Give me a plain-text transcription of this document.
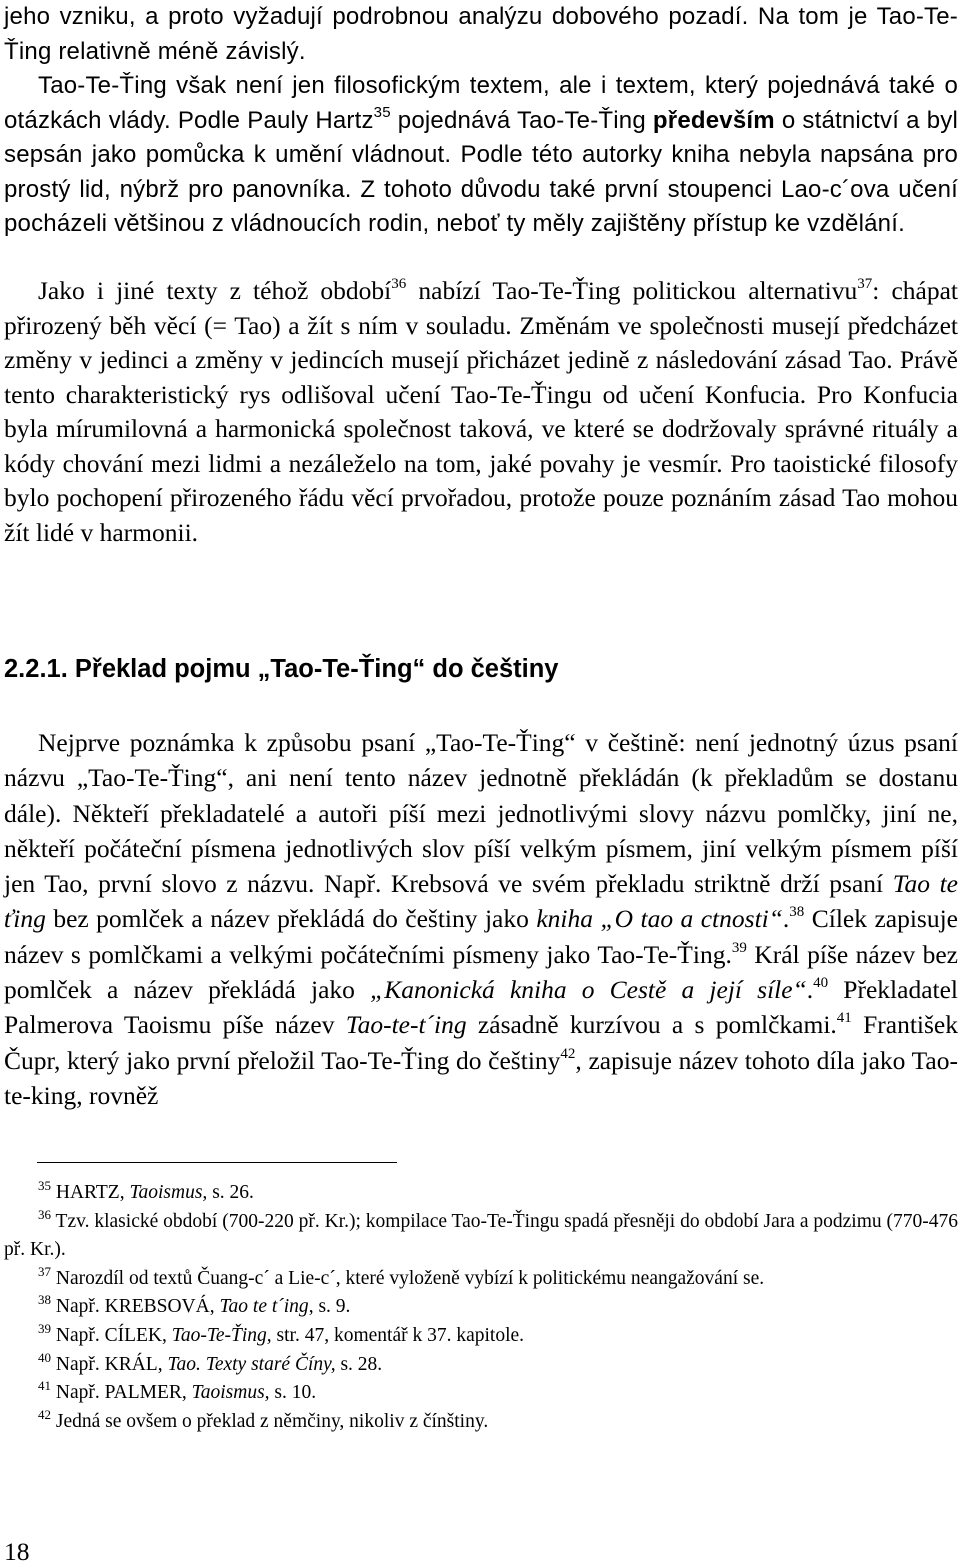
jeho vzniku, a proto vyžadují podrobnou analýzu dobového pozadí. Na tom je Tao-Te-Ťing relativně méně závislý.

Tao-Te-Ťing však není jen filosofickým textem, ale i textem, který pojednává také o otázkách vlády. Podle Pauly Hartz$^{35}$ pojednává Tao-Te-Ťing především o státnictví a byl sepsán jako pomůcka k umění vládnout. Podle této autorky kniha nebyla napsána pro prostý lid, nýbrž pro panovníka. Z tohoto důvodu také první stoupenci Lao-c´ova učení pocházeli většinou z vládnoucích rodin, neboť ty měly zajištěny přístup ke vzdělání.

Jako i jiné texty z téhož období$^{36}$ nabízí Tao-Te-Ťing politickou alternativu$^{37}$: chápat přirozený běh věcí (= Tao) a žít s ním v souladu. Změnám ve společnosti musejí předcházet změny v jedinci a změny v jedincích musejí přicházet jedině z následování zásad Tao. Právě tento charakteristický rys odlišoval učení Tao-Te-Ťingu od učení Konfucia. Pro Konfucia byla mírumilovná a harmonická společnost taková, ve které se dodržovaly správné rituály a kódy chování mezi lidmi a nezáleželo na tom, jaké povahy je vesmír. Pro taoistické filosofy bylo pochopení přirozeného řádu věcí prvořadou, protože pouze poznáním zásad Tao mohou žít lidé v harmonii.

2.2.1. Překlad pojmu „Tao-Te-Ťing“ do češtiny

Nejprve poznámka k způsobu psaní „Tao-Te-Ťing“ v češtině: není jednotný úzus psaní názvu „Tao-Te-Ťing“, ani není tento název jednotně překládán (k překladům se dostanu dále). Někteří překladatelé a autoři píší mezi jednotlivými slovy názvu pomlčky, jiní ne, někteří počáteční písmena jednotlivých slov píší velkým písmem, jiní velkým písmem píší jen Tao, první slovo z názvu. Např. Krebsová ve svém překladu striktně drží psaní Tao te ťing bez pomlček a název překládá do češtiny jako kniha „O tao a ctnosti“.$^{38}$ Cílek zapisuje název s pomlčkami a velkými počátečními písmeny jako Tao-Te-Ťing.$^{39}$ Král píše název bez pomlček a název překládá jako „Kanonická kniha o Cestě a její síle“.$^{40}$ Překladatel Palmerova Taoismu píše název Tao-te-t´ing zásadně kurzívou a s pomlčkami.$^{41}$ František Čupr, který jako první přeložil Tao-Te-Ťing do češtiny$^{42}$, zapisuje název tohoto díla jako Tao-te-king, rovněž

$^{35}$ HARTZ, Taoismus, s. 26.

$^{36}$ Tzv. klasické období (700-220 př. Kr.); kompilace Tao-Te-Ťingu spadá přesněji do období Jara a podzimu (770-476 př. Kr.).

$^{37}$ Narozdíl od textů Čuang-c´ a Lie-c´, které vyloženě vybízí k politickému neangažování se.

$^{38}$ Např. KREBSOVÁ, Tao te t´ing, s. 9.

$^{39}$ Např. CÍLEK, Tao-Te-Ťing, str. 47, komentář k 37. kapitole.

$^{40}$ Např. KRÁL, Tao. Texty staré Číny, s. 28.

$^{41}$ Např. PALMER, Taoismus, s. 10.

$^{42}$ Jedná se ovšem o překlad z němčiny, nikoliv z čínštiny.

18
